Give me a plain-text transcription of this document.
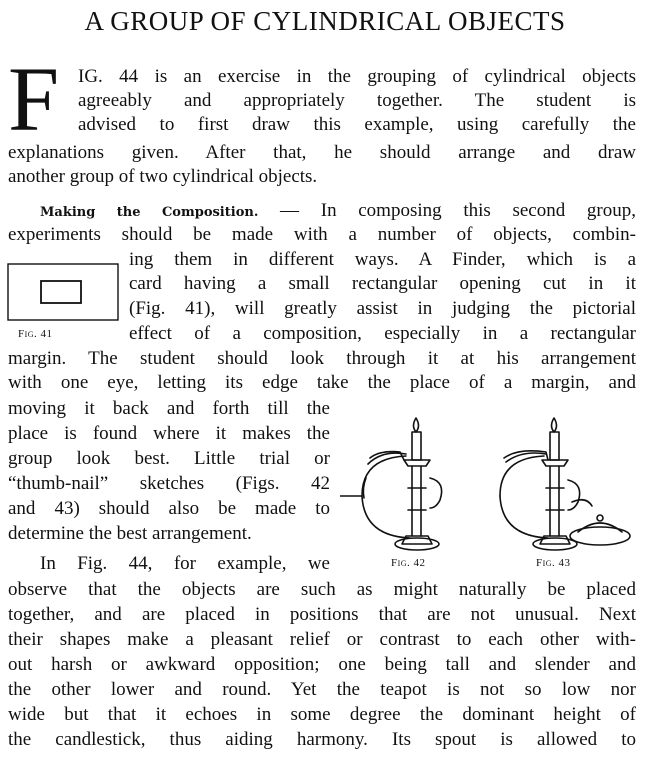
A GROUP OF CYLINDRICAL OBJECTS
F IG. 44 is an exercise in the grouping of cylindrical objects
agreeably and appropriately together. The student is
advised to first draw this example, using carefully the
explanations given. After that, he should arrange and draw
another group of two cylindrical objects.
Making the Composition. — In composing this second group,
experiments should be made with a number of objects, combin-
ing them in different ways. A Finder, which is a
card having a small rectangular opening cut in it
(Fig. 41), will greatly assist in judging the pictorial
effect of a composition, especially in a rectangular
margin. The student should look through it at his arrangement
with one eye, letting its edge take the place of a margin, and
moving it back and forth till the
place is found where it makes the
group look best. Little trial or
“thumb-nail” sketches (Figs. 42
and 43) should also be made to
determine the best arrangement.
In Fig. 44, for example, we
observe that the objects are such as might naturally be placed
together, and are placed in positions that are not unusual. Next
their shapes make a pleasant relief or contrast to each other with-
out harsh or awkward opposition; one being tall and slender and
the other lower and round. Yet the teapot is not so low nor
wide but that it echoes in some degree the dominant height of
the candlestick, thus aiding harmony. Its spout is allowed to
Fig. 41
Fig. 42	Fig. 43
